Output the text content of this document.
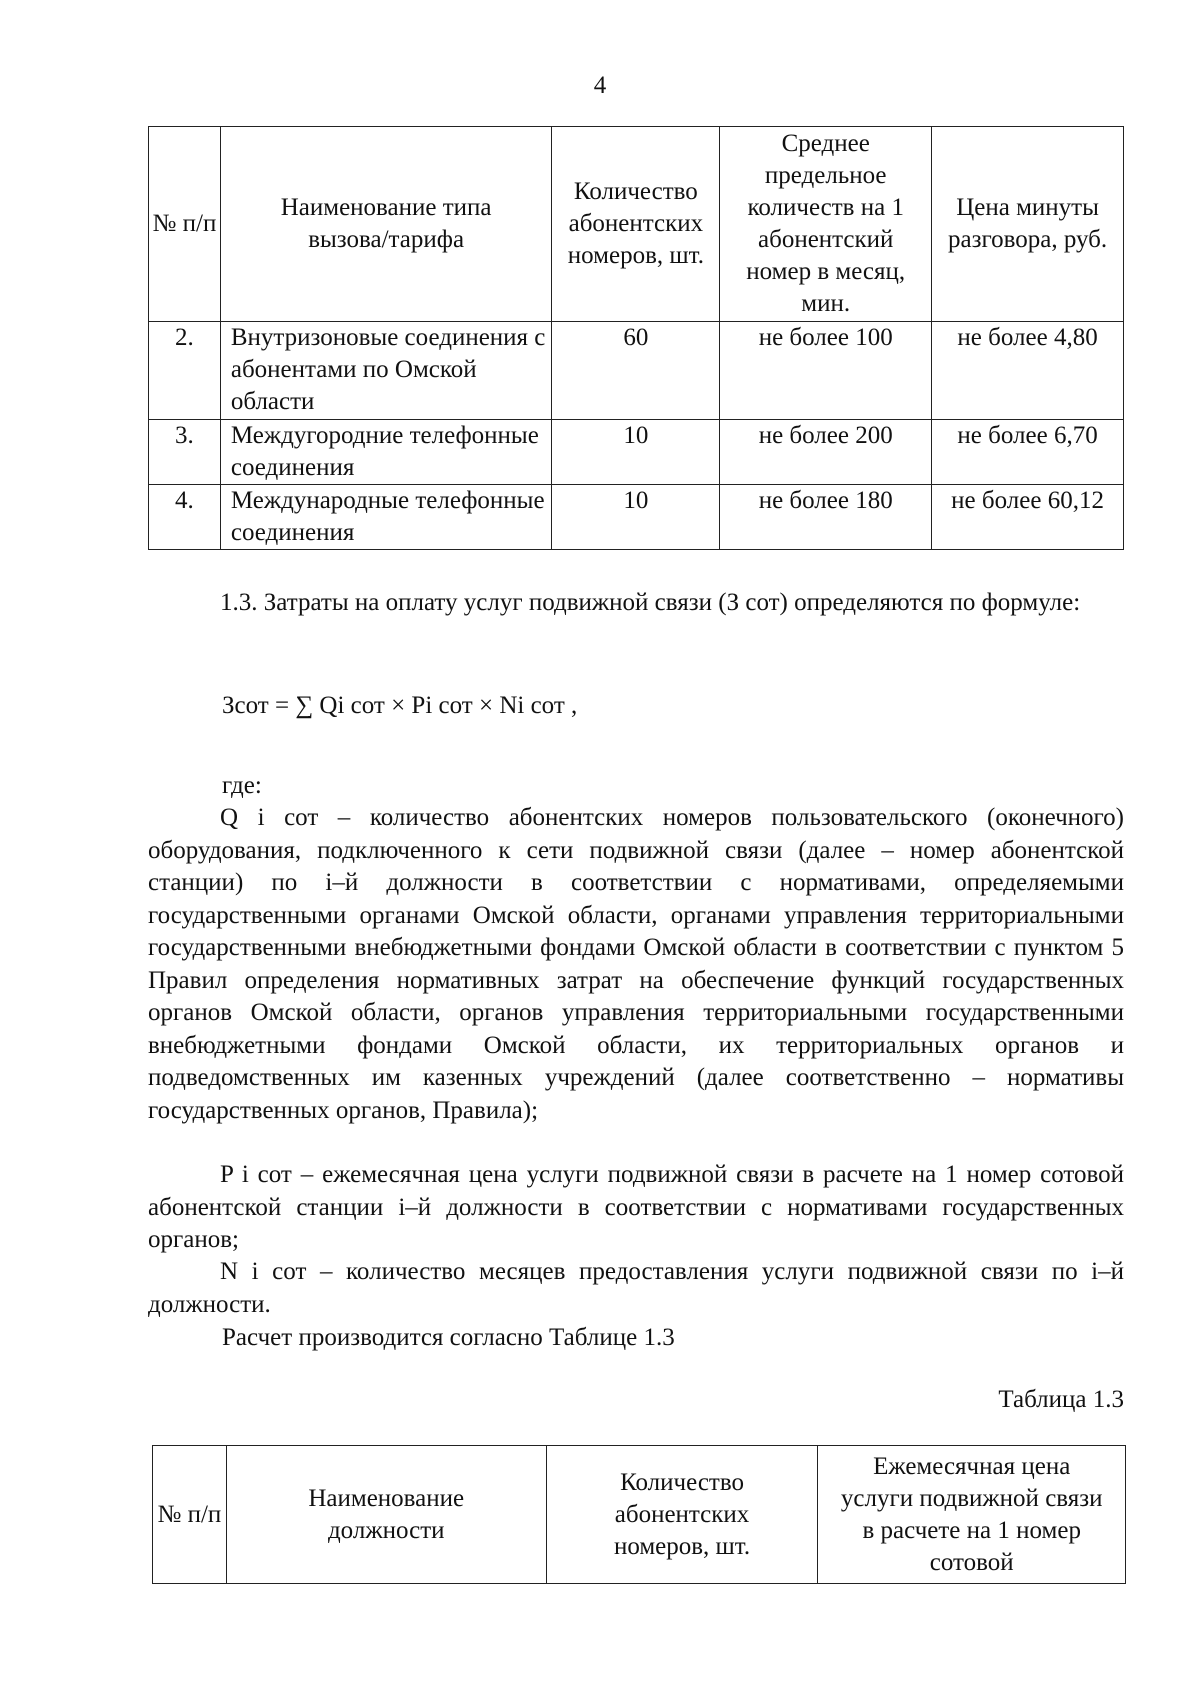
4
№ п/п	Наименование типа вызова/тарифа	Количество абонентских номеров, шт.	Среднее предельное количеств на 1 абонентский номер в месяц, мин.	Цена минуты разговора, руб.
2.	Внутризоновые соединения с абонентами по Омской области	60	не более 100	не более 4,80
3.	Междугородние телефонные соединения	10	не более 200	не более 6,70
4.	Международные телефонные соединения	10	не более 180	не более 60,12
1.3. Затраты на оплату услуг подвижной связи (З сот) определяются по формуле:
Зсот = ∑ Qi сот × Pi сот × Ni сот ,
где:
Q i сот – количество абонентских номеров пользовательского (оконечного) оборудования, подключенного к сети подвижной связи (далее – номер абонентской станции) по i–й должности в соответствии с нормативами, определяемыми государственными органами Омской области, органами управления территориальными государственными внебюджетными фондами Омской области в соответствии с пунктом 5 Правил определения нормативных затрат на обеспечение функций государственных органов Омской области, органов управления территориальными государственными внебюджетными фондами Омской области, их территориальных органов и подведомственных им казенных учреждений (далее соответственно – нормативы государственных органов, Правила);
P i сот – ежемесячная цена услуги подвижной связи в расчете на 1 номер сотовой абонентской станции i–й должности в соответствии с нормативами государственных органов;
N i сот – количество месяцев предоставления услуги подвижной связи по i–й должности.
Расчет производится согласно Таблице 1.3
Таблица 1.3
№ п/п	Наименование должности	Количество абонентских номеров, шт.	Ежемесячная цена услуги подвижной связи в расчете на 1 номер сотовой
